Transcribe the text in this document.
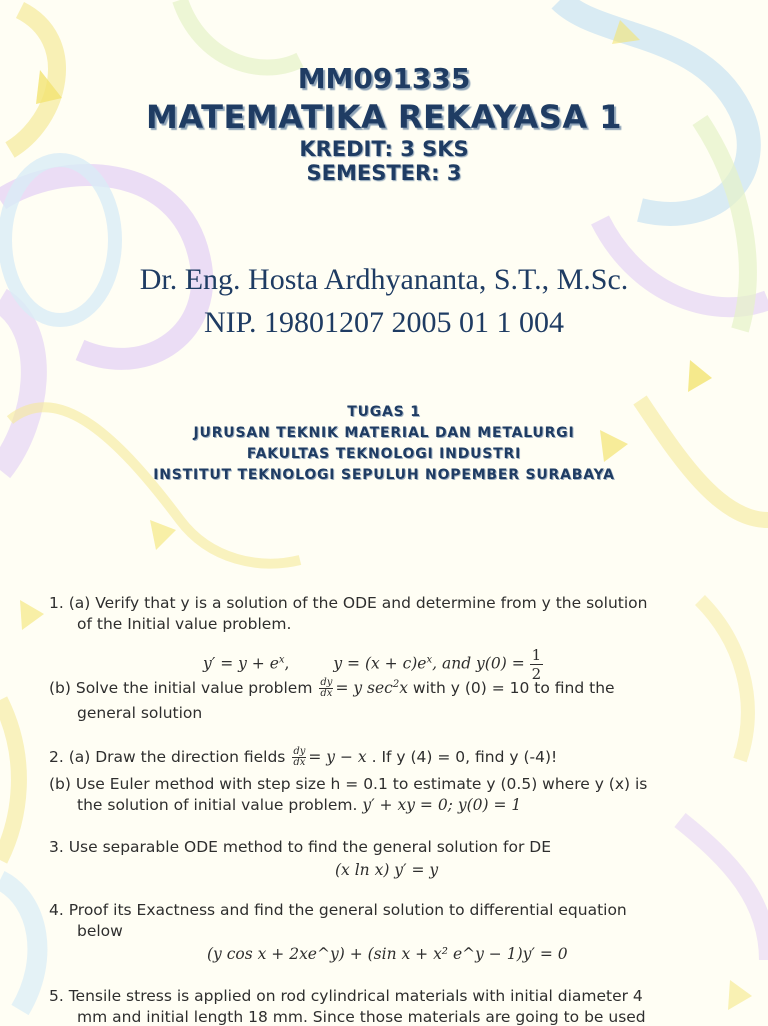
MM091335
MATEMATIKA REKAYASA 1
KREDIT: 3 SKS
SEMESTER: 3
Dr. Eng. Hosta Ardhyananta, S.T., M.Sc.
NIP. 19801207 2005 01 1 004
TUGAS 1
JURUSAN TEKNIK MATERIAL DAN METALURGI
FAKULTAS TEKNOLOGI INDUSTRI
INSTITUT TEKNOLOGI SEPULUH NOPEMBER SURABAYA
1. (a) Verify that y is a solution of the ODE and determine from y the solution
of the Initial value problem.
$y' = y + e^x$,	$y = (x + c)e^x$, and $y(0) = \frac{1}{2}$
(b) Solve the initial value problem $\frac{dy}{dx} = y$ $\sec^2x$ with y (0) = 10 to find the
general solution
2. (a) Draw the direction fields $\frac{dy}{dx} = y - x$ . If y (4) = 0, find y (-4)!
(b) Use Euler method with step size h = 0.1 to estimate y (0.5) where y (x) is
the solution of initial value problem. y′ + xy = 0; y(0) = 1
3. Use separable ODE method to find the general solution for DE
(x ln x) y′ = y
4. Proof its Exactness and find the general solution to differential equation
below
(y cos x + 2xe^y) + (sin x + x² e^y − 1)y′ = 0
5. Tensile stress is applied on rod cylindrical materials with initial diameter 4
mm and initial length 18 mm. Since those materials are going to be used
